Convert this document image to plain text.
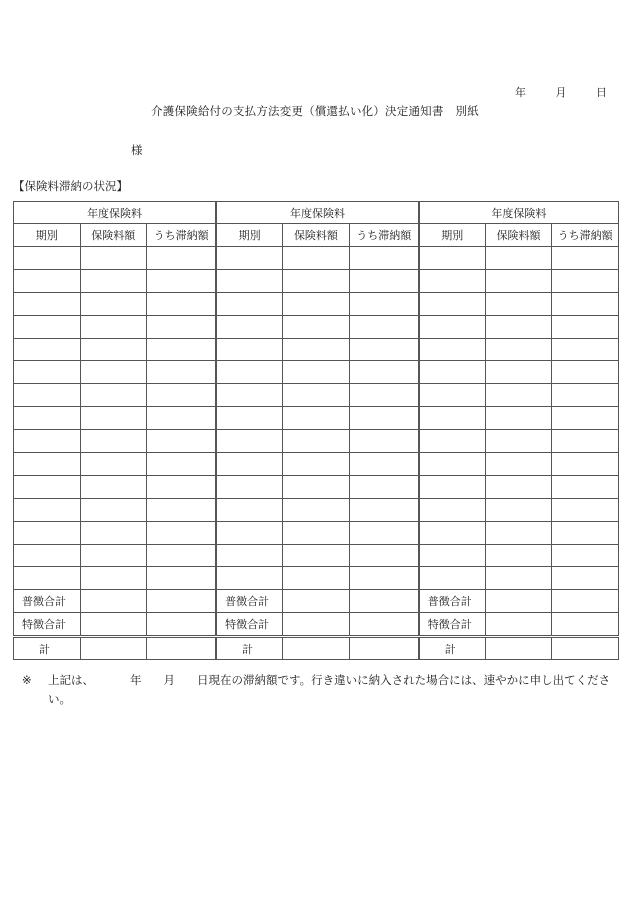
年	月	日
介護保険給付の支払方法変更（償還払い化）決定通知書 別紙
様
【保険料滞納の状況】
年度保険料			年度保険料			年度保険料		
期別	保険料額	うち滞納額	期別	保険料額	うち滞納額	期別	保険料額	うち滞納額

普徴合計			普徴合計			普徴合計		
特徴合計			特徴合計			特徴合計		
計			計			計		
※	上記は、	年 月 日現在の滞納額です。行き違いに納入された場合には、速やかに申し出てください。
